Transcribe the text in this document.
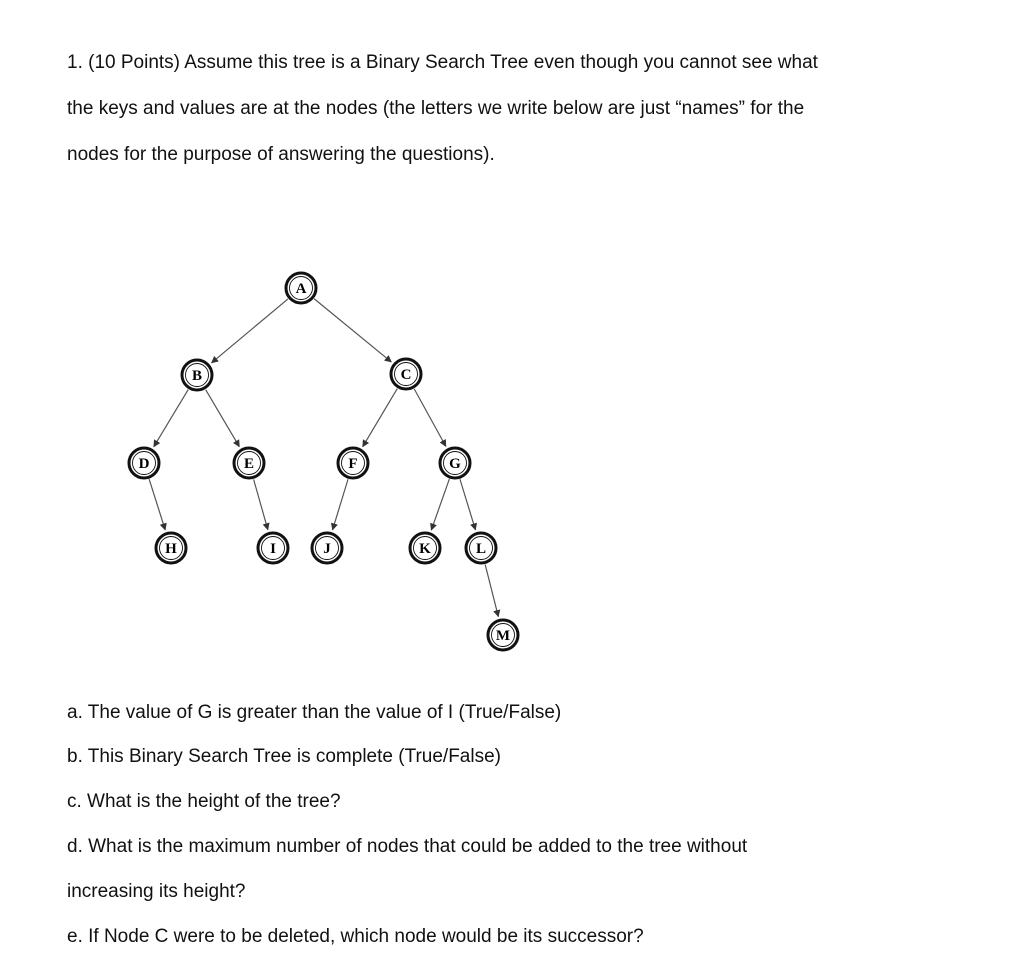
1. (10 Points) Assume this tree is a Binary Search Tree even though you cannot see what

the keys and values are at the nodes (the letters we write below are just “names” for the

nodes for the purpose of answering the questions).

A
B	C
D	E	F	G
H	I	J	K	L
M

a. The value of G is greater than the value of I (True/False)

b. This Binary Search Tree is complete (True/False)

c. What is the height of the tree?

d. What is the maximum number of nodes that could be added to the tree without

increasing its height?

e. If Node C were to be deleted, which node would be its successor?
